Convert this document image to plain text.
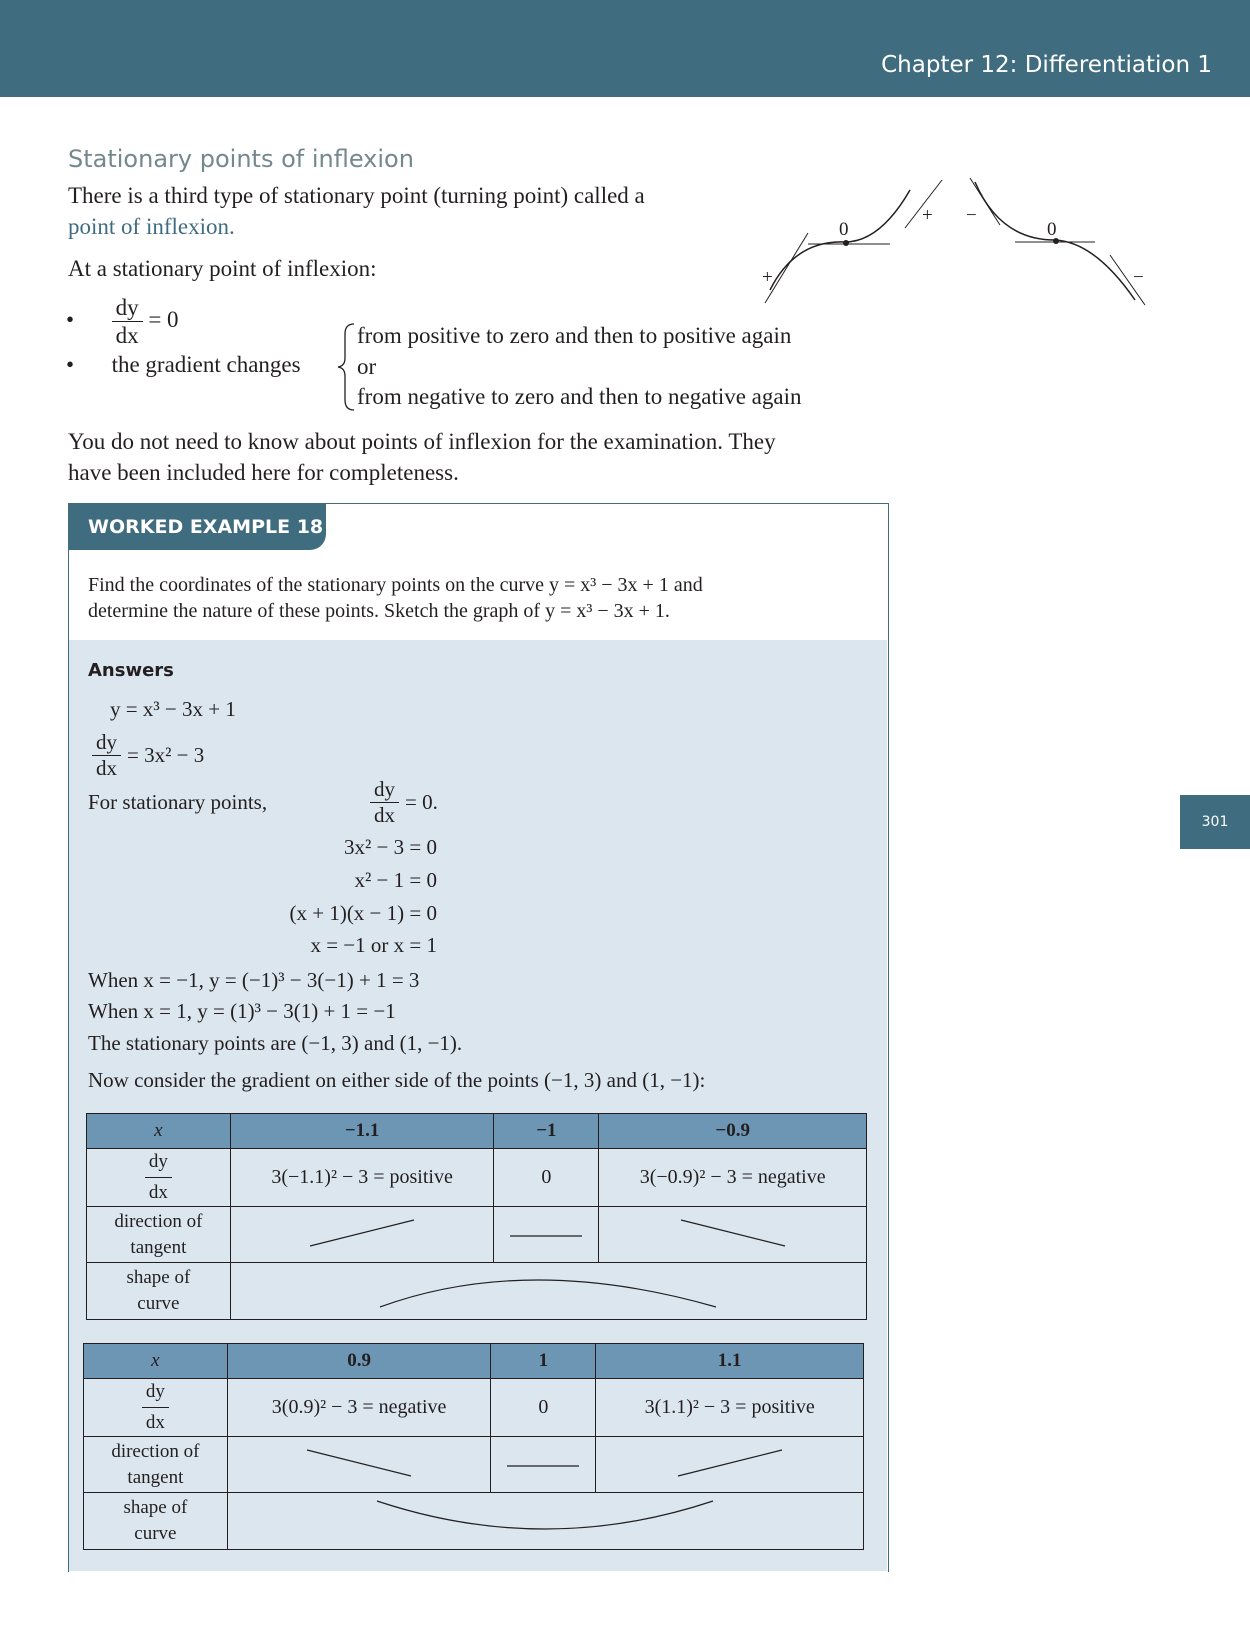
Chapter 12: Differentiation 1
301
Stationary points of inflexion
There is a third type of stationary point (turning point) called a
point of inflexion.
At a stationary point of inflexion:
• $\frac{dy}{dx} = 0$
• the gradient changes
from positive to zero and then to positive again
or
from negative to zero and then to negative again
You do not need to know about points of inflexion for the examination. They
have been included here for completeness.
0
+
+
0
−
−
WORKED EXAMPLE 18
Find the coordinates of the stationary points on the curve y = x³ − 3x + 1 and
determine the nature of these points. Sketch the graph of y = x³ − 3x + 1.
Answers
y = x³ − 3x + 1
$\frac{dy}{dx} = 3x^2 - 3$
For stationary points,	$\frac{dy}{dx} = 0$.
3x² − 3 = 0
x² − 1 = 0
(x + 1)(x − 1) = 0
x = −1 or x = 1
When x = −1, y = (−1)³ − 3(−1) + 1 = 3
When x = 1, y = (1)³ − 3(1) + 1 = −1
The stationary points are (−1, 3) and (1, −1).
Now consider the gradient on either side of the points (−1, 3) and (1, −1):
x	−1.1	−1	−0.9

$\frac{dy}{dx}$	3(−1.1)² − 3 = positive	0	3(−0.9)² − 3 = negative

direction of
tangent

shape of
curve

x	0.9	1	1.1

$\frac{dy}{dx}$	3(0.9)² − 3 = negative	0	3(1.1)² − 3 = positive

direction of
tangent

shape of
curve
